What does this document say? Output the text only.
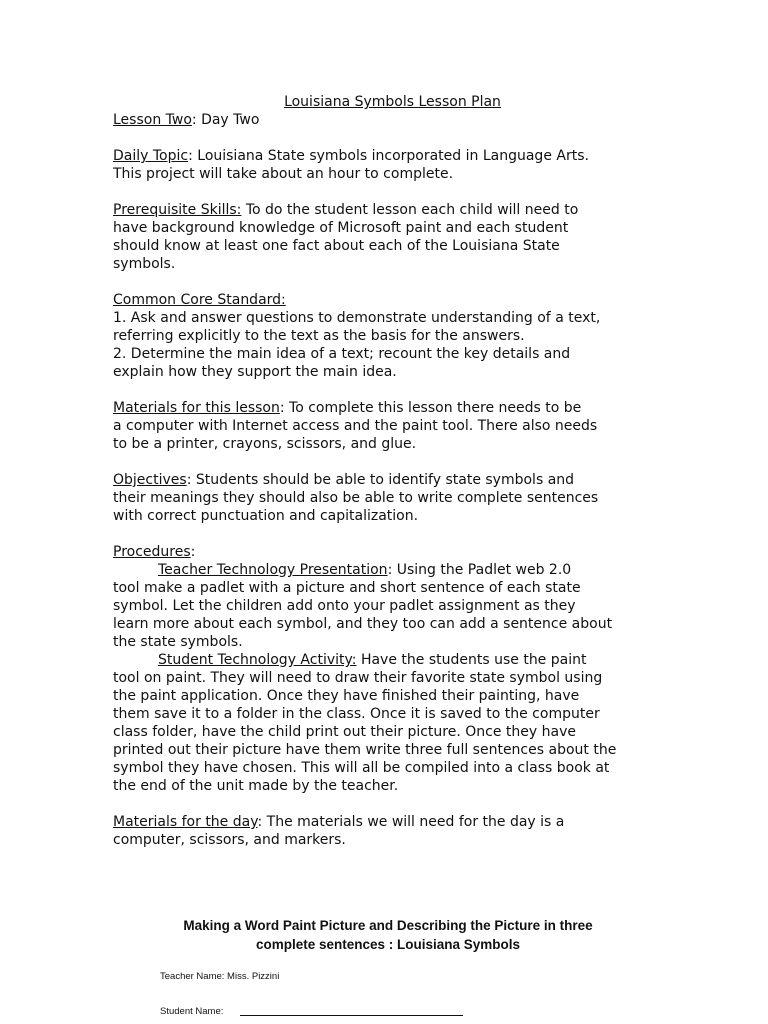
Louisiana Symbols Lesson Plan

Lesson Two: Day Two

Daily Topic: Louisiana State symbols incorporated in Language Arts.
This project will take about an hour to complete.

Prerequisite Skills: To do the student lesson each child will need to
have background knowledge of Microsoft paint and each student
should know at least one fact about each of the Louisiana State
symbols.

Common Core Standard:
1. Ask and answer questions to demonstrate understanding of a text,
referring explicitly to the text as the basis for the answers.
2. Determine the main idea of a text; recount the key details and
explain how they support the main idea.

Materials for this lesson: To complete this lesson there needs to be
a computer with Internet access and the paint tool. There also needs
to be a printer, crayons, scissors, and glue.

Objectives: Students should be able to identify state symbols and
their meanings they should also be able to write complete sentences
with correct punctuation and capitalization.

Procedures:

Teacher Technology Presentation: Using the Padlet web 2.0
tool make a padlet with a picture and short sentence of each state
symbol. Let the children add onto your padlet assignment as they
learn more about each symbol, and they too can add a sentence about
the state symbols.

Student Technology Activity: Have the students use the paint
tool on paint. They will need to draw their favorite state symbol using
the paint application. Once they have finished their painting, have
them save it to a folder in the class. Once it is saved to the computer
class folder, have the child print out their picture. Once they have
printed out their picture have them write three full sentences about the
symbol they have chosen. This will all be compiled into a class book at
the end of the unit made by the teacher.

Materials for the day: The materials we will need for the day is a
computer, scissors, and markers.

Making a Word Paint Picture and Describing the Picture in three
complete sentences : Louisiana Symbols
Teacher Name: Miss. Pizzini
Student Name:
